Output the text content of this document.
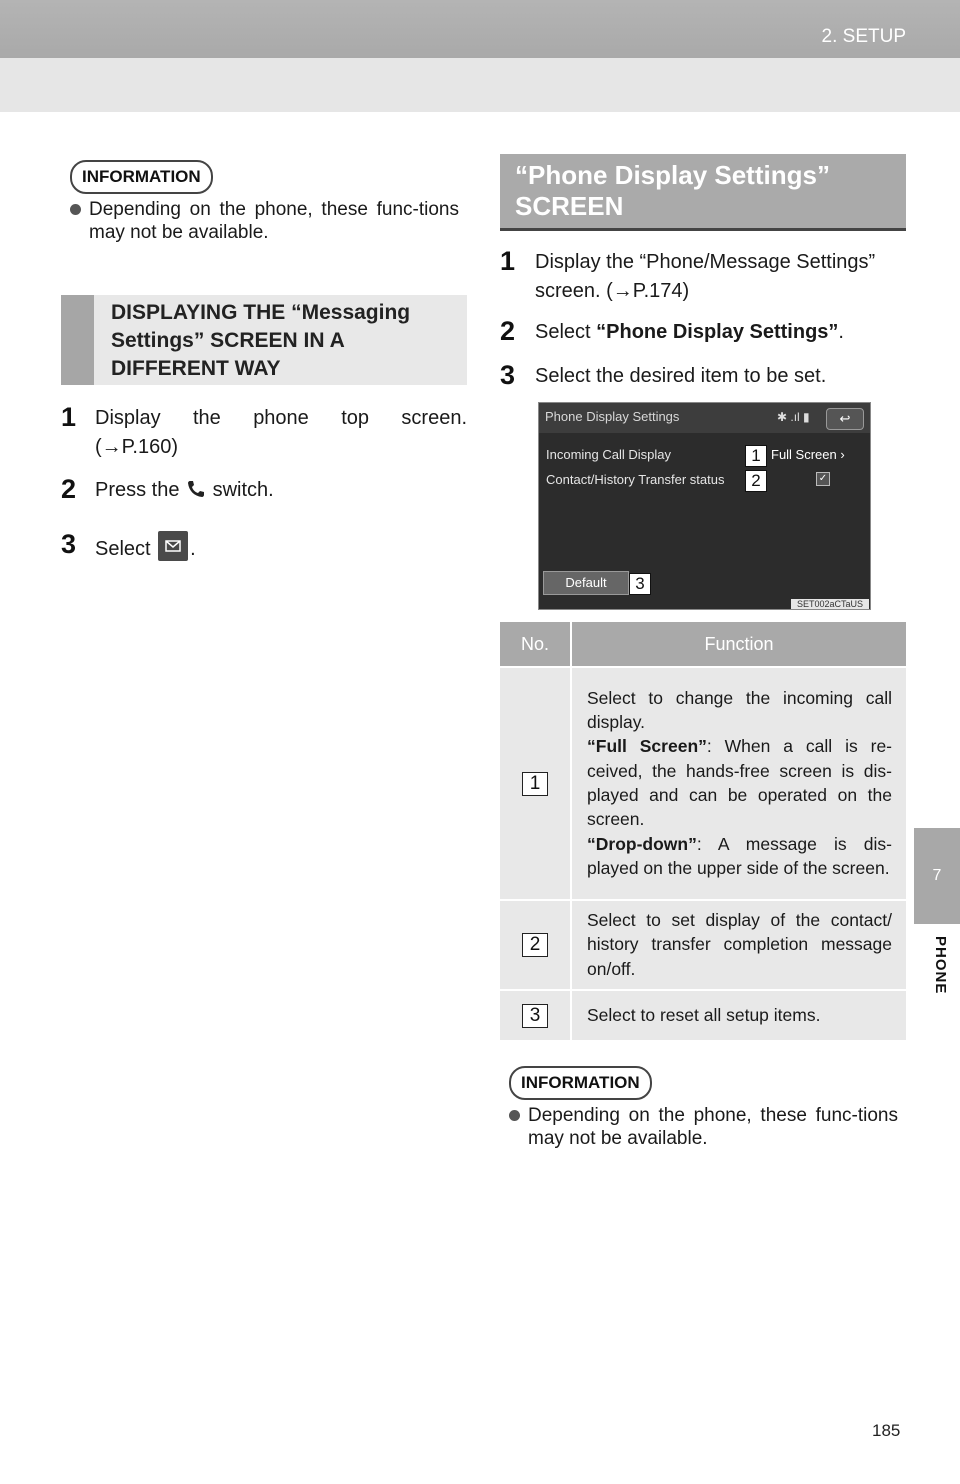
2. SETUP
7
PHONE
INFORMATION
Depending on the phone, these func-tions may not be available.
DISPLAYING THE “Messaging Settings” SCREEN IN A DIFFERENT WAY
1 Display the phone top screen.
(→P.160)
2 Press the switch.
3 Select .
“Phone Display Settings” SCREEN
1 Display the “Phone/Message Settings”
screen. (→P.174)
2 Select “Phone Display Settings”.
3 Select the desired item to be set.
Phone Display Settings	✱ .ıl ▮	↩
Incoming Call Display	1 Full Screen ›
Contact/History Transfer status	2	✓
Default	3
SET002aCTaUS
No.	Function
1	Select to change the incoming call display.
“Full Screen”: When a call is re-ceived, the hands-free screen is dis-played and can be operated on the screen.
“Drop-down”: A message is dis-played on the upper side of the screen.

2	Select to set display of the contact/ history transfer completion message on/off.
3	Select to reset all setup items.
INFORMATION
Depending on the phone, these func-tions may not be available.
185
